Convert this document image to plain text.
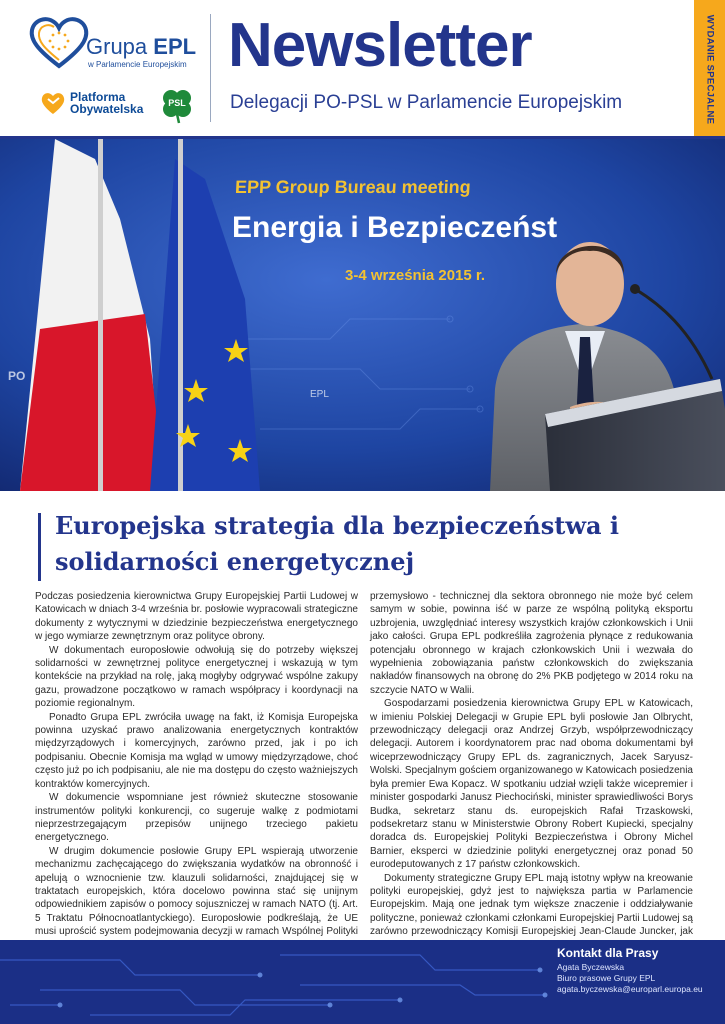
Grupa EPL
w Parlamencie Europejskim
Platforma
Obywatelska	PSL
Newsletter
Delegacji PO-PSL w Parlamencie Europejskim	WYDANIE SPECJALNE
EPP Group Bureau meeting
Energia i Bezpieczeńst
3-4 września 2015 r.
PO
EPL
Europejska strategia dla bezpieczeństwa i solidarności energetycznej

Podczas posiedzenia kierownictwa Grupy Europejskiej Partii Ludowej w Katowicach w dniach 3-4 września br. posłowie wypracowali strategiczne dokumenty z wytycznymi w dziedzinie bezpieczeństwa energetycznego w jego wymiarze zewnętrznym oraz polityce obrony.

W dokumentach europosłowie odwołują się do potrzeby większej solidarności w zewnętrznej polityce energetycznej i wskazują w tym kontekście na przykład na rolę, jaką mogłyby odgrywać wspólne zakupy gazu, prowadzone początkowo w ramach współpracy i koordynacji na poziomie regionalnym.

Ponadto Grupa EPL zwróciła uwagę na fakt, iż Komisja Europejska powinna uzyskać prawo analizowania energetycznych kontraktów międzyrządowych i komercyjnych, zarówno przed, jak i po ich podpisaniu. Obecnie Komisja ma wgląd w umowy międzyrządowe, choć często już po ich podpisaniu, ale nie ma dostępu do często ważniejszych kontraktów komercyjnych.

W dokumencie wspomniane jest również skuteczne stosowanie instrumentów polityki konkurencji, co sugeruje walkę z podmiotami nieprzestrzegającym przepisów unijnego trzeciego pakietu energetycznego.

W drugim dokumencie posłowie Grupy EPL wspierają utworzenie mechanizmu zachęcającego do zwiększania wydatków na obronność i apelują o wznocnienie tzw. klauzuli solidarności, znajdującej się w traktatach europejskich, która docelowo powinna stać się unijnym odpowiednikiem zapisów o pomocy sojuszniczej w ramach NATO (tj. Art. 5 Traktatu Północnoatlantyckiego). Europosłowie podkreślają, że UE musi uprościć system podejmowania decyzji w ramach Wspólnej Polityki

przemysłowo - technicznej dla sektora obronnego nie może być celem samym w sobie, powinna iść w parze ze wspólną polityką eksportu uzbrojenia, uwzględniać interesy wszystkich krajów członkowskich i Unii jako całości. Grupa EPL podkreśliła zagrożenia płynące z redukowania potencjału obronnego w krajach członkowskich Unii i wezwała do wypełnienia zobowiązania państw członkowskich do zwiększania nakładów finansowych na obronę do 2% PKB podjętego w 2014 roku na szczycie NATO w Walii.

Gospodarzami posiedzenia kierownictwa Grupy EPL w Katowicach, w imieniu Polskiej Delegacji w Grupie EPL byli posłowie Jan Olbrycht, przewodniczący delegacji oraz Andrzej Grzyb, współprzewodniczący delegacji. Autorem i koordynatorem prac nad oboma dokumentami był wiceprzewodniczący Grupy EPL ds. zagranicznych, Jacek Saryusz-Wolski. Specjalnym gościem organizowanego w Katowicach posiedzenia była premier Ewa Kopacz. W spotkaniu udział wzięli także wicepremier i minister gospodarki Janusz Piechociński, minister sprawiedliwości Borys Budka, sekretarz stanu ds. europejskich Rafał Trzaskowski, podsekretarz stanu w Ministerstwie Obrony Robert Kupiecki, specjalny doradca ds. Europejskiej Polityki Bezpieczeństwa i Obrony Michel Barnier, eksperci w dziedzinie polityki energetycznej oraz ponad 50 eurodeputowanych z 17 państw członkowskich.

Dokumenty strategiczne Grupy EPL mają istotny wpływ na kreowanie polityki europejskiej, gdyż jest to największa partia w Parlamencie Europejskim. Mają one jednak tym większe znaczenie i oddziaływanie polityczne, ponieważ członkami członkami Europejskiej Partii Ludowej są zarówno przewodniczący Komisji Europejskiej Jean-Claude Juncker, jak

Kontakt dla Prasy
Agata Byczewska
Biuro prasowe Grupy EPL
agata.byczewska@europarl.europa.eu
